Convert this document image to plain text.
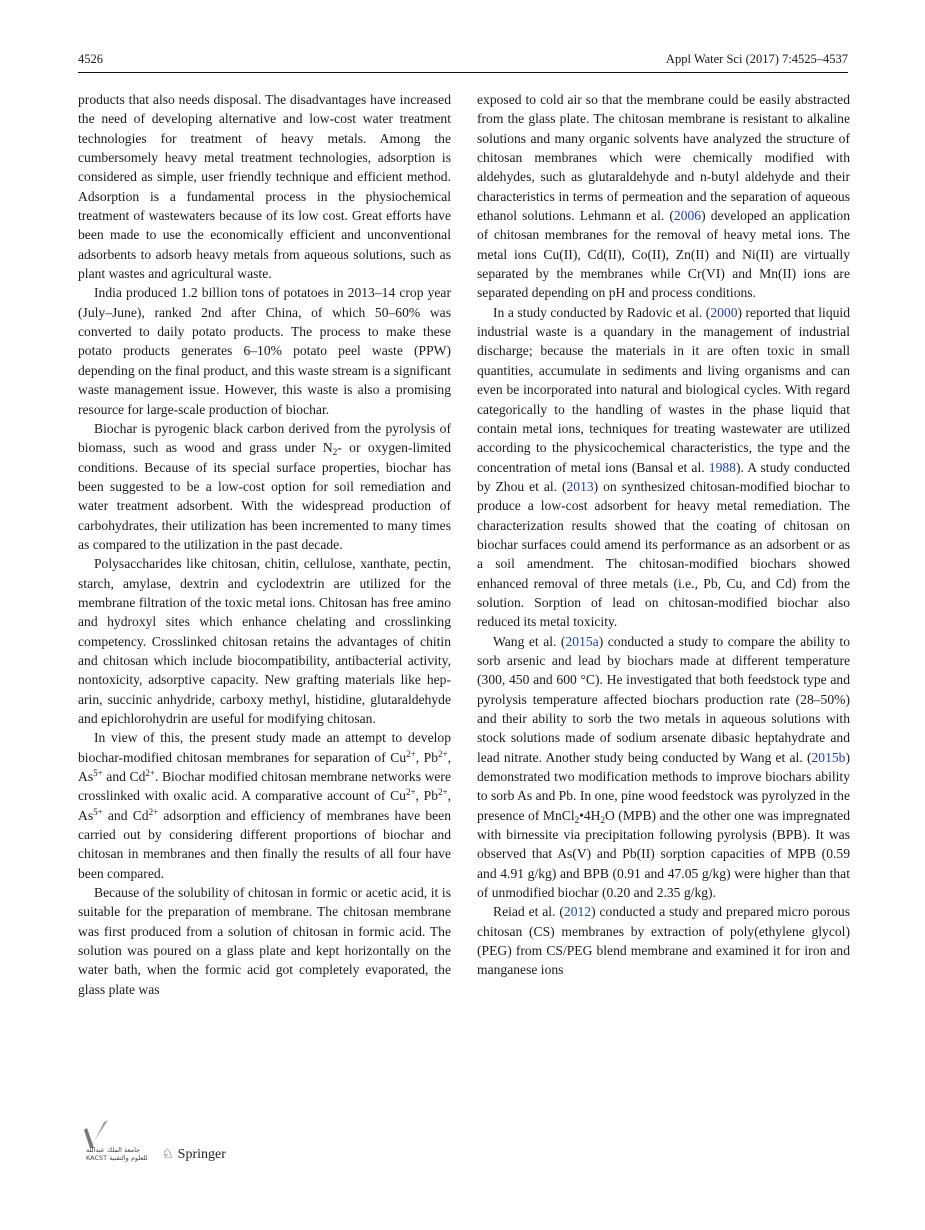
4526	Appl Water Sci (2017) 7:4525–4537

products that also needs disposal. The disadvantages have increased the need of developing alternative and low-cost water treatment technologies for treatment of heavy metals. Among the cumbersomely heavy metal treatment technologies, adsorption is considered as simple, user friendly technique and efficient method. Adsorption is a fundamental process in the physiochemical treatment of wastewaters because of its low cost. Great efforts have been made to use the economically efficient and unconventional adsorbents to adsorb heavy metals from aqueous solutions, such as plant wastes and agricultural waste.

India produced 1.2 billion tons of potatoes in 2013–14 crop year (July–June), ranked 2nd after China, of which 50–60% was converted to daily potato products. The process to make these potato products generates 6–10% potato peel waste (PPW) depending on the final product, and this waste stream is a significant waste management issue. However, this waste is also a promising resource for large-scale production of biochar.

Biochar is pyrogenic black carbon derived from the pyrolysis of biomass, such as wood and grass under $N_2-$ or oxygen-limited conditions. Because of its special surface properties, biochar has been suggested to be a low-cost option for soil remediation and water treatment adsorbent. With the widespread production of carbohydrates, their utilization has been incremented to many times as compared to the utilization in the past decade.

Polysaccharides like chitosan, chitin, cellulose, xanthate, pectin, starch, amylase, dextrin and cyclodextrin are utilized for the membrane filtration of the toxic metal ions. Chitosan has free amino and hydroxyl sites which enhance chelating and crosslinking competency. Crosslinked chitosan retains the advantages of chitin and chitosan which include biocompatibility, antibacterial activity, nontoxicity, adsorptive capacity. New grafting materials like heparin, succinic anhydride, carboxy methyl, histidine, glutaraldehyde and epichlorohydrin are useful for modifying chitosan.

In view of this, the present study made an attempt to develop biochar-modified chitosan membranes for separation of $Cu^{2+}$, $Pb^{2+}$, $As^{5+}$ and $Cd^{2+}$. Biochar modified chitosan membrane networks were crosslinked with oxalic acid. A comparative account of $Cu^{2+}$, $Pb^{2+}$, $As^{5+}$ and $Cd^{2+}$ adsorption and efficiency of membranes have been carried out by considering different proportions of biochar and chitosan in membranes and then finally the results of all four have been compared.

Because of the solubility of chitosan in formic or acetic acid, it is suitable for the preparation of membrane. The chitosan membrane was first produced from a solution of chitosan in formic acid. The solution was poured on a glass plate and kept horizontally on the water bath, when the formic acid got completely evaporated, the glass plate was

exposed to cold air so that the membrane could be easily abstracted from the glass plate. The chitosan membrane is resistant to alkaline solutions and many organic solvents have analyzed the structure of chitosan membranes which were chemically modified with aldehydes, such as glutaraldehyde and n-butyl aldehyde and their characteristics in terms of permeation and the separation of aqueous ethanol solutions. Lehmann et al. (2006) developed an application of chitosan membranes for the removal of heavy metal ions. The metal ions Cu(II), Cd(II), Co(II), Zn(II) and Ni(II) are virtually separated by the membranes while Cr(VI) and Mn(II) ions are separated depending on pH and process conditions.

In a study conducted by Radovic et al. (2000) reported that liquid industrial waste is a quandary in the management of industrial discharge; because the materials in it are often toxic in small quantities, accumulate in sediments and living organisms and can even be incorporated into natural and biological cycles. With regard categorically to the handling of wastes in the phase liquid that contain metal ions, techniques for treating wastewater are utilized according to the physicochemical characteristics, the type and the concentration of metal ions (Bansal et al. 1988). A study conducted by Zhou et al. (2013) on synthesized chitosan-modified biochar to produce a low-cost adsorbent for heavy metal remediation. The characterization results showed that the coating of chitosan on biochar surfaces could amend its performance as an adsorbent or as a soil amendment. The chitosan-modified biochars showed enhanced removal of three metals (i.e., Pb, Cu, and Cd) from the solution. Sorption of lead on chitosan-modified biochar also reduced its metal toxicity.

Wang et al. (2015a) conducted a study to compare the ability to sorb arsenic and lead by biochars made at different temperature (300, 450 and 600 °C). He investigated that both feedstock type and pyrolysis temperature affected biochars production rate (28–50%) and their ability to sorb the two metals in aqueous solutions with stock solutions made of sodium arsenate dibasic heptahydrate and lead nitrate. Another study being conducted by Wang et al. (2015b) demonstrated two modification methods to improve biochars ability to sorb As and Pb. In one, pine wood feedstock was pyrolyzed in the presence of $MnCl_2•4H_2O$ (MPB) and the other one was impregnated with birnessite via precipitation following pyrolysis (BPB). It was observed that As(V) and Pb(II) sorption capacities of MPB (0.59 and 4.91 g/kg) and BPB (0.91 and 47.05 g/kg) were higher than that of unmodified biochar (0.20 and 2.35 g/kg).

Reiad et al. (2012) conducted a study and prepared micro porous chitosan (CS) membranes by extraction of poly(ethylene glycol) (PEG) from CS/PEG blend membrane and examined it for iron and manganese ions

جامعة الملك عبدالله
KACST للعلوم والتقنية	♘ Springer
